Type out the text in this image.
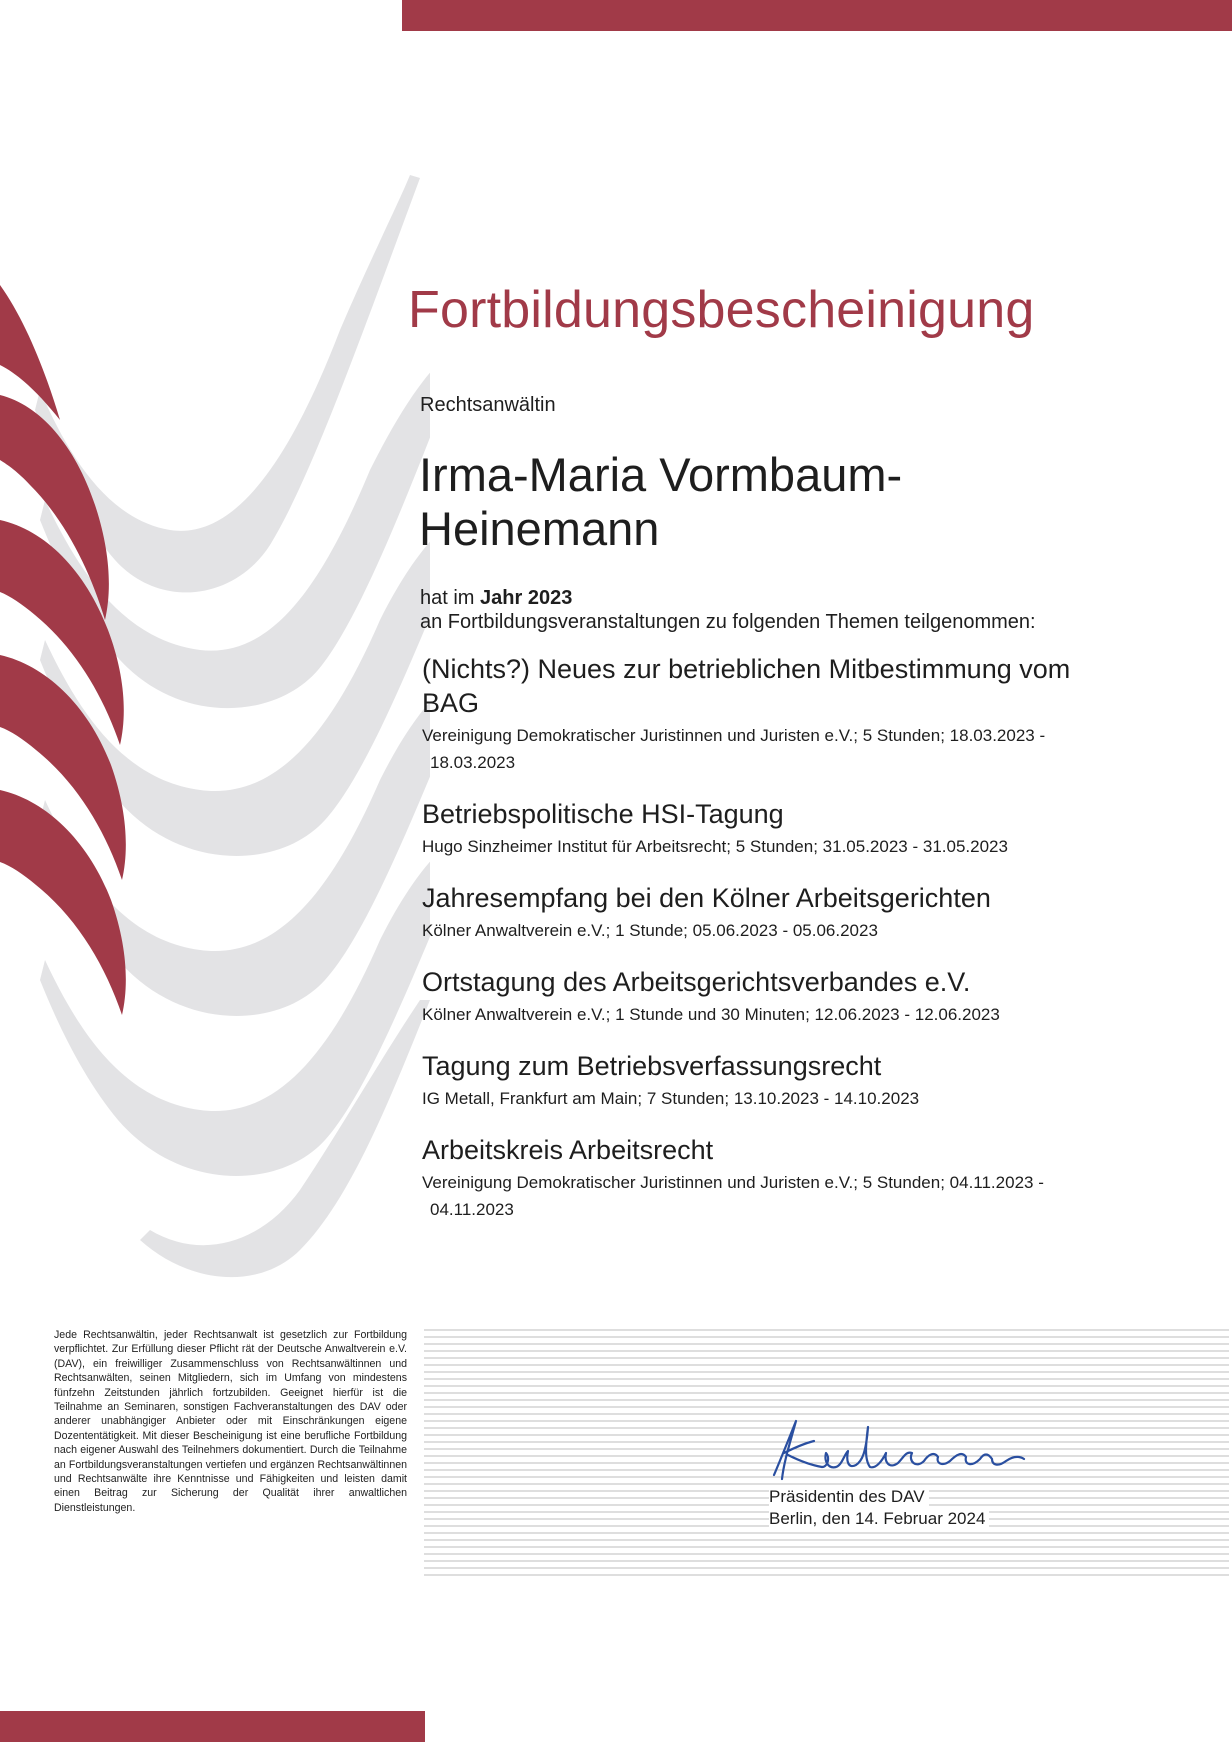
Fortbildungsbescheinigung
Rechtsanwältin
Irma-Maria Vormbaum-Heinemann
hat im Jahr 2023
an Fortbildungsveranstaltungen zu folgenden Themen teilgenommen:
(Nichts?) Neues zur betrieblichen Mitbestimmung vom BAG
Vereinigung Demokratischer Juristinnen und Juristen e.V.; 5 Stunden; 18.03.2023 -
18.03.2023
Betriebspolitische HSI-Tagung
Hugo Sinzheimer Institut für Arbeitsrecht; 5 Stunden; 31.05.2023 - 31.05.2023
Jahresempfang bei den Kölner Arbeitsgerichten
Kölner Anwaltverein e.V.; 1 Stunde; 05.06.2023 - 05.06.2023
Ortstagung des Arbeitsgerichtsverbandes e.V.
Kölner Anwaltverein e.V.; 1 Stunde und 30 Minuten; 12.06.2023 - 12.06.2023
Tagung zum Betriebsverfassungsrecht
IG Metall, Frankfurt am Main; 7 Stunden; 13.10.2023 - 14.10.2023
Arbeitskreis Arbeitsrecht
Vereinigung Demokratischer Juristinnen und Juristen e.V.; 5 Stunden; 04.11.2023 -
04.11.2023

Jede Rechtsanwältin, jeder Rechtsanwalt ist gesetzlich zur Fortbildung verpflichtet. Zur Erfüllung dieser Pflicht rät der Deutsche Anwaltverein e.V. (DAV), ein freiwilliger Zusammenschluss von Rechtsanwältinnen und Rechtsanwälten, seinen Mitgliedern, sich im Umfang von mindestens fünfzehn Zeitstunden jährlich fortzubilden. Geeignet hierfür ist die Teilnahme an Seminaren, sonstigen Fachveranstaltungen des DAV oder anderer unabhängiger Anbieter oder mit Einschränkungen eigene Dozententätigkeit. Mit dieser Bescheinigung ist eine berufliche Fortbildung nach eigener Auswahl des Teilnehmers dokumentiert. Durch die Teilnahme an Fortbildungsveranstaltungen vertiefen und ergänzen Rechtsanwältinnen und Rechtsanwälte ihre Kenntnisse und Fähigkeiten und leisten damit einen Beitrag zur Sicherung der Qualität ihrer anwaltlichen Dienstleistungen.

Präsidentin des DAV
Berlin, den 14. Februar 2024
